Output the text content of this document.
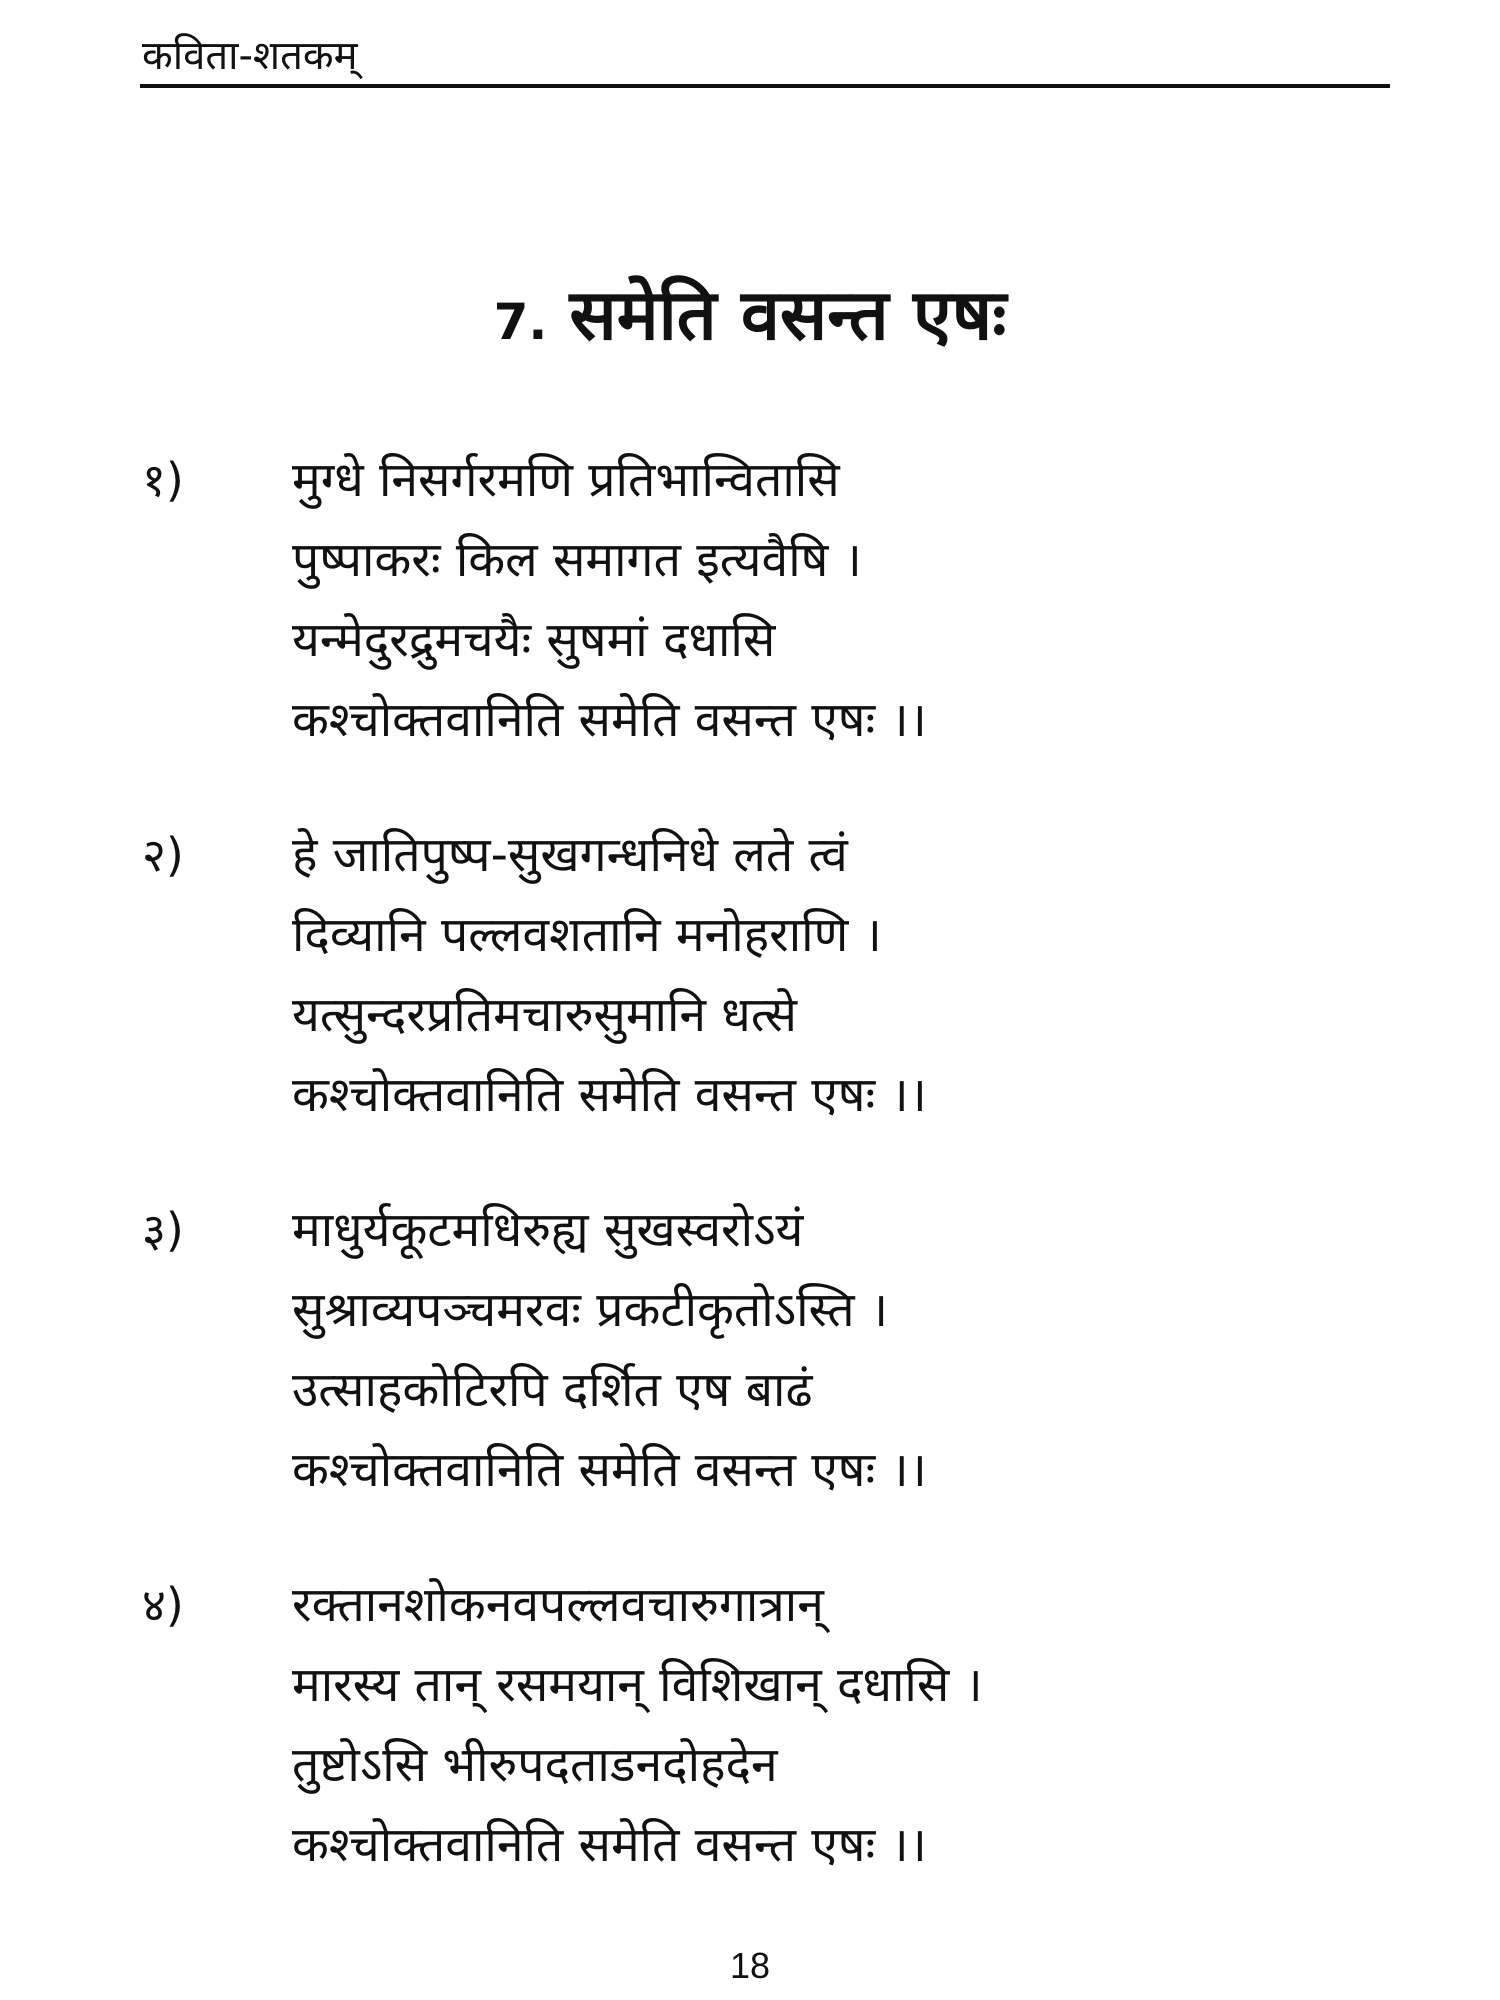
कविता-शतकम्
7. समेति वसन्त एषः
१) मुग्धे निसर्गरमणि प्रतिभान्वितासि
पुष्पाकरः किल समागत इत्यवैषि ।
यन्मेदुरद्रुमचयैः सुषमां दधासि
कश्चोक्तवानिति समेति वसन्त एषः ।।
२) हे जातिपुष्प-सुखगन्धनिधे लते त्वं
दिव्यानि पल्लवशतानि मनोहराणि ।
यत्सुन्दरप्रतिमचारुसुमानि धत्से
कश्चोक्तवानिति समेति वसन्त एषः ।।
३) माधुर्यकूटमधिरुह्य सुखस्वरोऽयं
सुश्राव्यपञ्चमरवः प्रकटीकृतोऽस्ति ।
उत्साहकोटिरपि दर्शित एष बाढं
कश्चोक्तवानिति समेति वसन्त एषः ।।
४) रक्तानशोकनवपल्लवचारुगात्रान्
मारस्य तान् रसमयान् विशिखान् दधासि ।
तुष्टोऽसि भीरुपदताडनदोहदेन
कश्चोक्तवानिति समेति वसन्त एषः ।।
18
